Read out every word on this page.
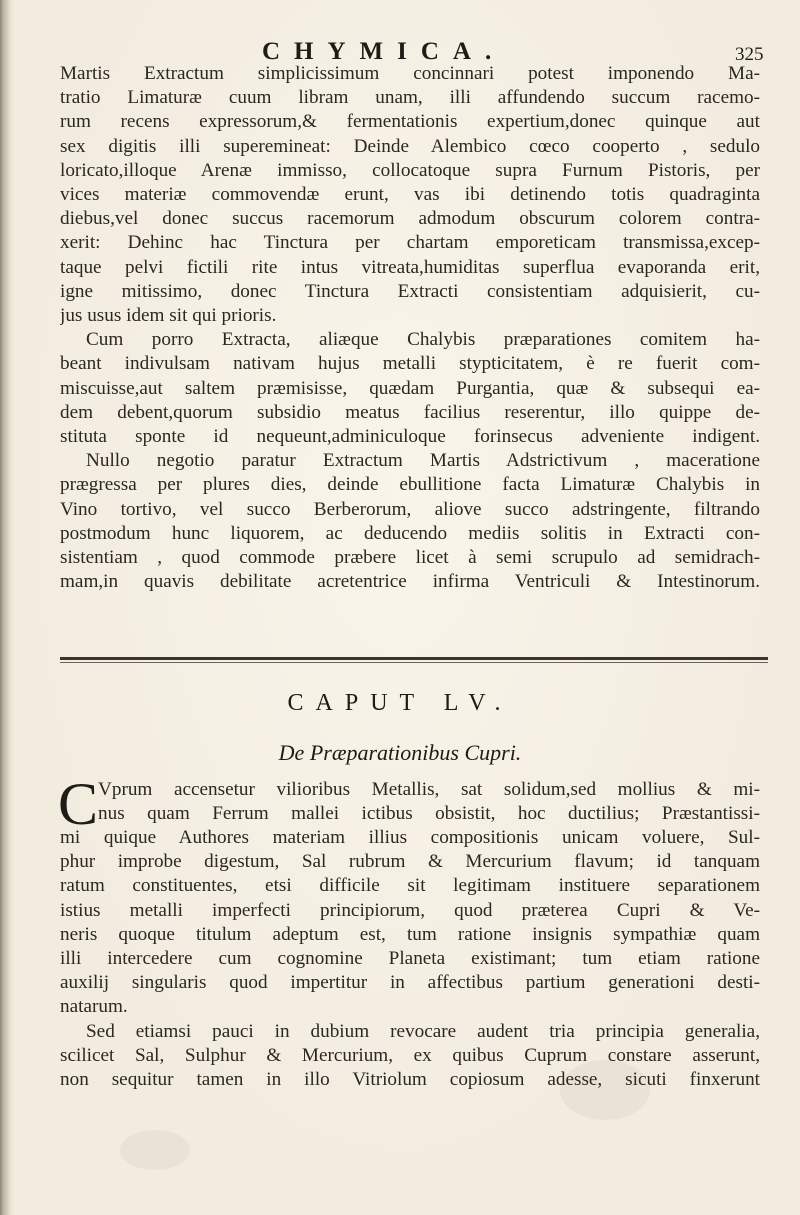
CHYMICA.	325
Martis Extractum simplicissimum concinnari potest imponendo Ma-
tratio Limaturæ cuum libram unam, illi affundendo succum racemo-
rum recens expressorum,& fermentationis expertium,donec quinque aut
sex digitis illi supereminеat: Deinde Alembico cœco cooperto , sedulo
loricato,illoque Arenæ immisso, collocatoque supra Furnum Pistoris, per
vices materiæ commovendæ erunt, vas ibi detinendo totis quadraginta
diebus,vel donec succus racemorum admodum obscurum colorem contra-
xerit: Dehinc hac Tinctura per chartam emporeticam transmissa,excep-
taque pelvi fictili rite intus vitreata,humiditas superflua evaporanda erit,
igne mitissimo, donec Tinctura Extracti consistentiam adquisierit, cu-
jus usus idem sit qui prioris.
Cum porro Extracta, aliæque Chalybis præparationes comitem ha-
beant indivulsam nativam hujus metalli stypticitatem, è re fuerit com-
miscuisse,aut saltem præmisisse, quædam Purgantia, quæ & subsequi ea-
dem debent,quorum subsidio meatus facilius reserentur, illo quippe de-
stituta sponte id nequeunt,adminiculoque forinsecus adveniente indigent.
Nullo negotio paratur Extractum Martis Adstrictivum , maceratione
prægressa per plures dies, deinde ebullitione facta Limaturæ Chalybis in
Vino tortivo, vel succo Berberorum, aliove succo adstringente, filtrando
postmodum hunc liquorem, ac deducendo mediis solitis in Extracti con-
sistentiam , quod commode præbere licet à semi scrupulo ad semidrach-
mam,in quavis debilitate acretentrice infirma Ventriculi & Intestinorum.
CAPUT LV.
De Præparationibus Cupri.
C Vprum accensetur vilioribus Metallis, sat solidum,sed mollius & mi-
nus quam Ferrum mallei ictibus obsistit, hoc ductilius; Præstantissi-
mi quique Authores materiam illius compositionis unicam voluere, Sul-
phur improbe digestum, Sal rubrum & Mercurium flavum; id tanquam
ratum constituentes, etsi difficile sit legitimam instituere separationem
istius metalli imperfecti principiorum, quod prætereа Cupri & Ve-
neris quoque titulum adeptum est, tum ratione insignis sympathiæ quam
illi intercedere cum cognomine Planeta existimant; tum etiam ratione
auxilij singularis quod impertitur in affectibus partium generationi desti-
natarum.
Sed etiamsi pauci in dubium revocare audent tria principia generalia,
scilicet Sal, Sulphur & Mercurium, ex quibus Cuprum constare asserunt,
non sequitur tamen in illo Vitriolum copiosum adesse, sicuti finxerunt
